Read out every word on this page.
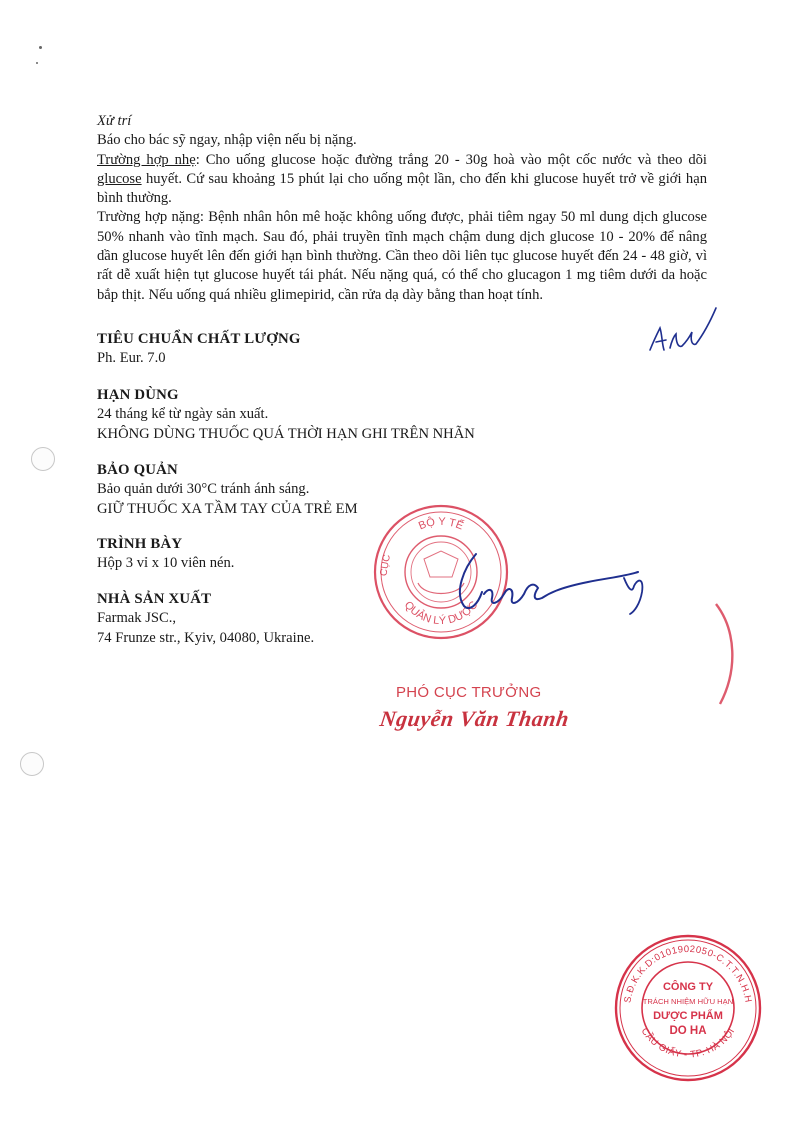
Xử trí

Báo cho bác sỹ ngay, nhập viện nếu bị nặng.

Trường hợp nhẹ: Cho uống glucose hoặc đường trắng 20 - 30g hoà vào một cốc nước và theo dõi glucose huyết. Cứ sau khoảng 15 phút lại cho uống một lần, cho đến khi glucose huyết trở về giới hạn bình thường.

Trường hợp nặng: Bệnh nhân hôn mê hoặc không uống được, phải tiêm ngay 50 ml dung dịch glucose 50% nhanh vào tĩnh mạch. Sau đó, phải truyền tĩnh mạch chậm dung dịch glucose 10 - 20% để nâng dần glucose huyết lên đến giới hạn bình thường. Cần theo dõi liên tục glucose huyết đến 24 - 48 giờ, vì rất dễ xuất hiện tụt glucose huyết tái phát. Nếu nặng quá, có thể cho glucagon 1 mg tiêm dưới da hoặc bắp thịt. Nếu uống quá nhiều glimepirid, cần rửa dạ dày bằng than hoạt tính.

TIÊU CHUẨN CHẤT LƯỢNG
Ph. Eur. 7.0
HẠN DÙNG
24 tháng kể từ ngày sản xuất.
KHÔNG DÙNG THUỐC QUÁ THỜI HẠN GHI TRÊN NHÃN
BẢO QUẢN
Bảo quản dưới 30°C tránh ánh sáng.
GIỮ THUỐC XA TẦM TAY CỦA TRẺ EM
TRÌNH BÀY
Hộp 3 vỉ x 10 viên nén.
NHÀ SẢN XUẤT
Farmak JSC.,
74 Frunze str., Kyiv, 04080, Ukraine.
BỘ Y TẾ
CỤC
QUẢN LÝ DƯỢC
PHÓ CỤC TRƯỞNG
Nguyễn Văn Thanh
S.Đ.K.K.D:0101902050-C.T.T.N.H.H
CẦU GIẤY - TP. HÀ NỘI
CÔNG TY
TRÁCH NHIỆM HỮU HẠN
DƯỢC PHẨM
DO HA
